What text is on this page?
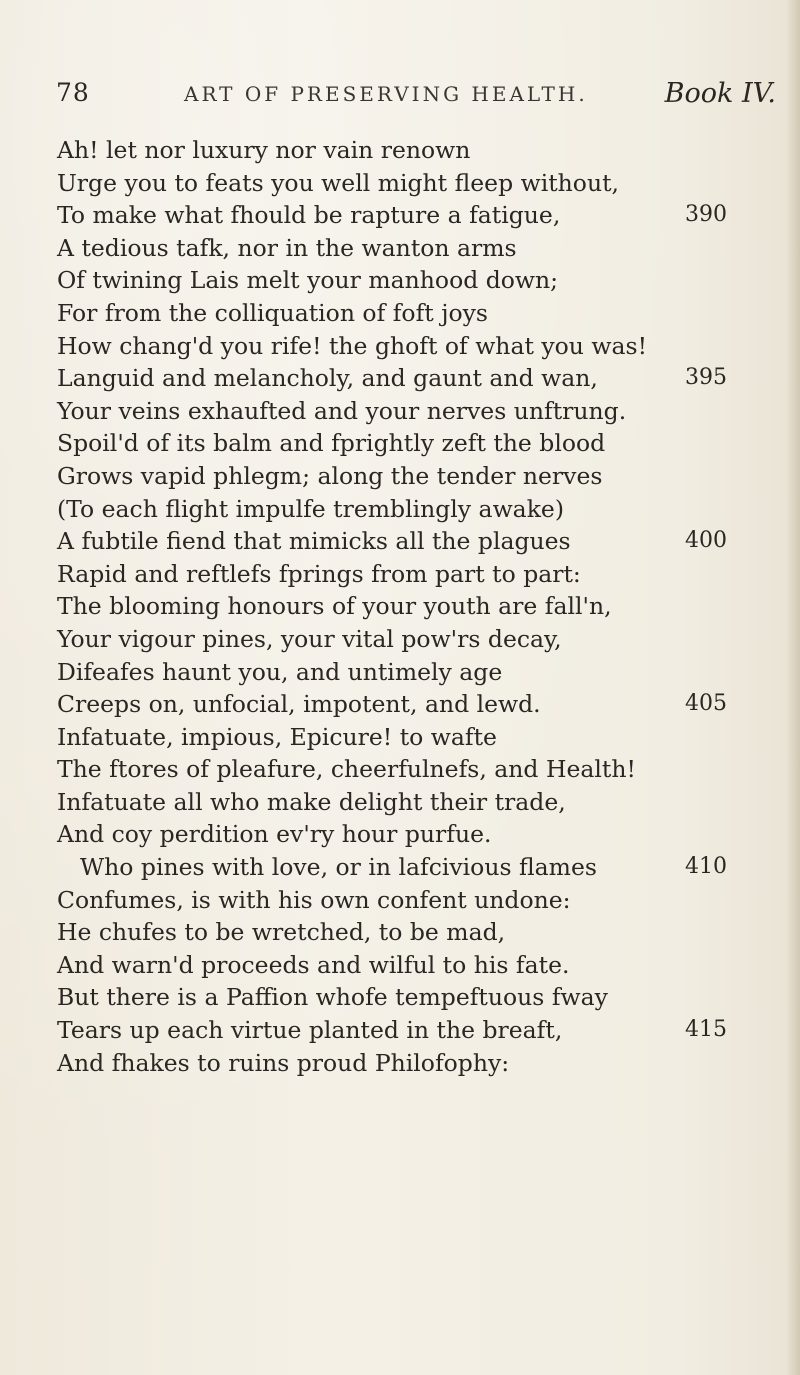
78	ART OF PRESERVING HEALTH.	Book IV.
Ah! let nor luxury nor vain renown
Urge you to feats you well might fleep without,
To make what fhould be rapture a fatigue,	390
A tedious tafk, nor in the wanton arms
Of twining Lais melt your manhood down;
For from the colliquation of foft joys
How chang'd you rife! the ghoft of what you was!
Languid and melancholy, and gaunt and wan,	395
Your veins exhaufted and your nerves unftrung.
Spoil'd of its balm and fprightly zeft the blood
Grows vapid phlegm; along the tender nerves
(To each flight impulfe tremblingly awake)
A fubtile fiend that mimicks all the plagues	400
Rapid and reftlefs fprings from part to part:
The blooming honours of your youth are fall'n,
Your vigour pines, your vital pow'rs decay,
Difeafes haunt you, and untimely age
Creeps on, unfocial, impotent, and lewd.	405
Infatuate, impious, Epicure! to wafte
The ftores of pleafure, cheerfulnefs, and Health!
Infatuate all who make delight their trade,
And coy perdition ev'ry hour purfue.
Who pines with love, or in lafcivious flames	410
Confumes, is with his own confent undone:
He chufes to be wretched, to be mad,
And warn'd proceeds and wilful to his fate.
But there is a Paffion whofe tempeftuous fway
Tears up each virtue planted in the breaft,	415
And fhakes to ruins proud Philofophy:
